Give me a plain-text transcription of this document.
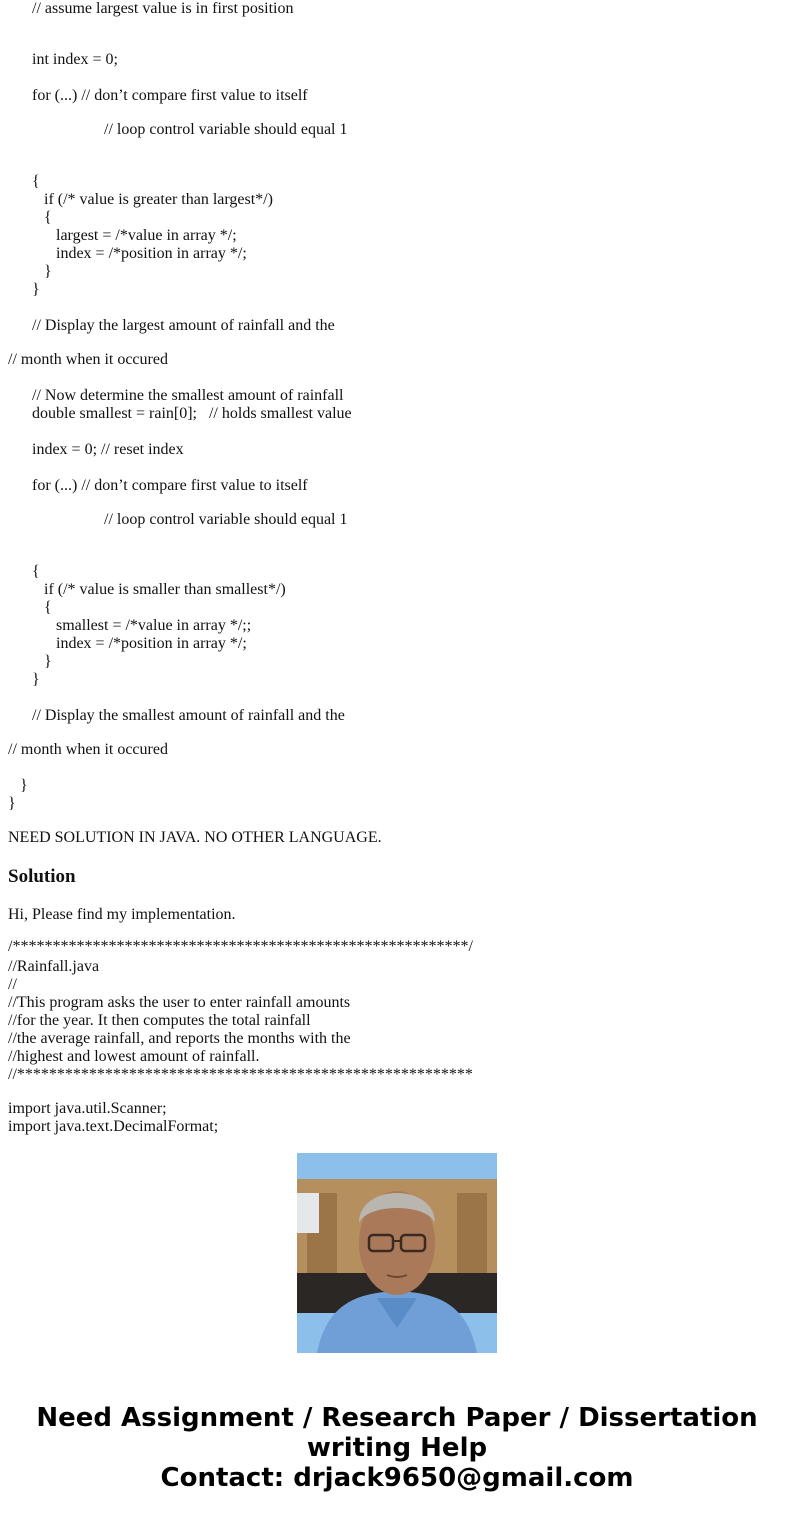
// assume largest value is in first position
int index = 0;
for (...) // don’t compare first value to itself
// loop control variable should equal 1
{
if (/* value is greater than largest*/)
{
largest = /*value in array */;
index = /*position in array */;
}
}
// Display the largest amount of rainfall and the
// month when it occured
// Now determine the smallest amount of rainfall
double smallest = rain[0];   // holds smallest value
index = 0; // reset index
for (...) // don’t compare first value to itself
// loop control variable should equal 1
{
if (/* value is smaller than smallest*/)
{
smallest = /*value in array */;;
index = /*position in array */;
}
}
// Display the smallest amount of rainfall and the
// month when it occured
}
}
NEED SOLUTION IN JAVA. NO OTHER LANGUAGE.
Solution
Hi, Please find my implementation.
/*********************************************************/
//Rainfall.java
//
//This program asks the user to enter rainfall amounts
//for the year. It then computes the total rainfall
//the average rainfall, and reports the months with the
//highest and lowest amount of rainfall.
//*********************************************************
import java.util.Scanner;
import java.text.DecimalFormat;
Need Assignment / Research Paper / Dissertation
writing Help
Contact: drjack9650@gmail.com
